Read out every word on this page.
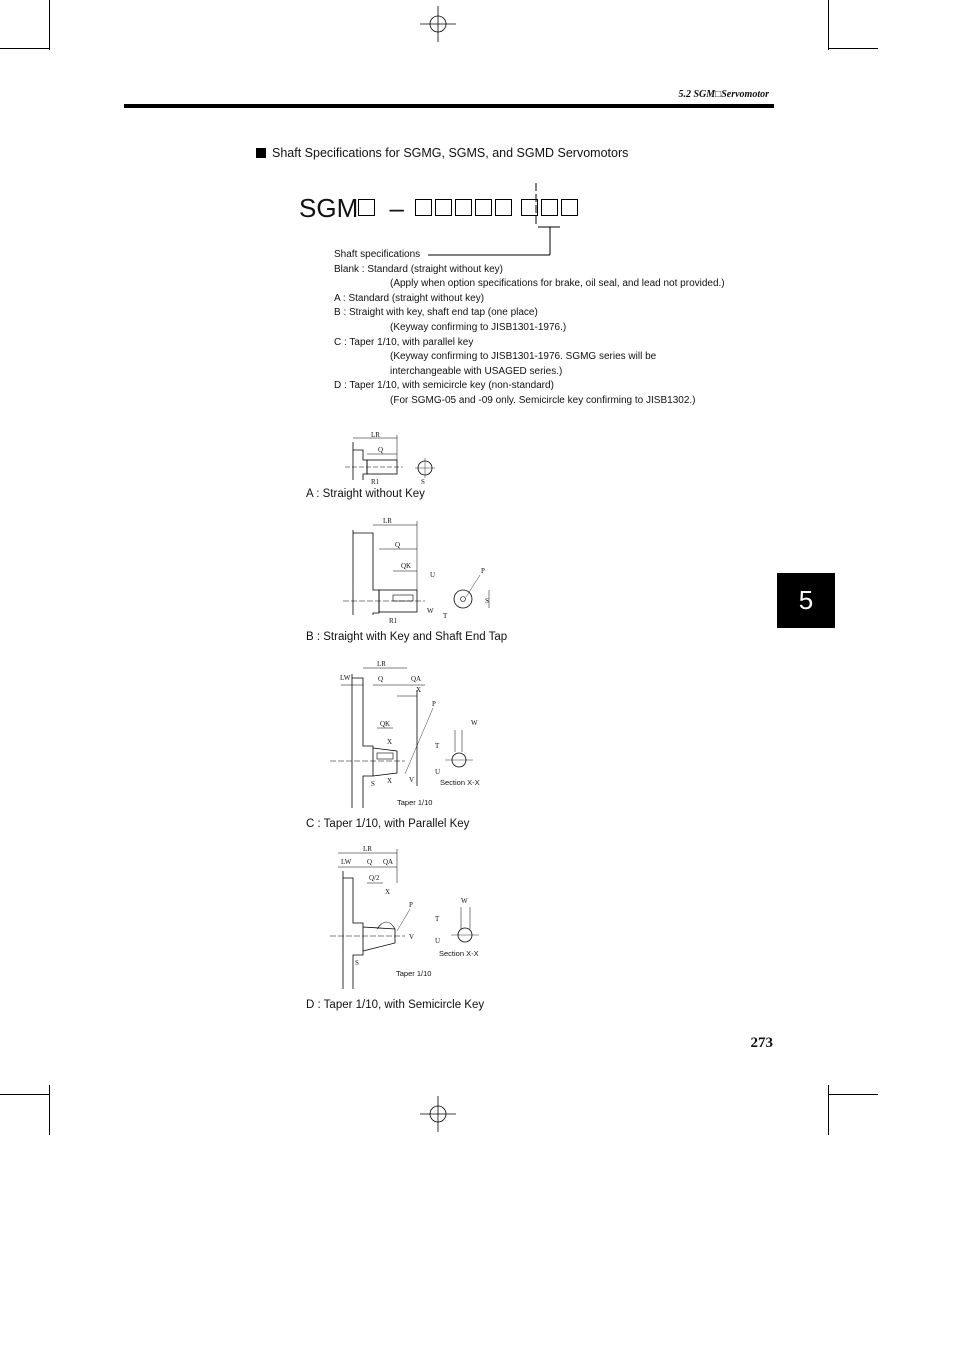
5.2 SGM□Servomotor
Shaft Specifications for SGMG, SGMS, and SGMD Servomotors
SGM –
Shaft specifications
Blank : Standard (straight without key)
(Apply when option specifications for brake, oil seal, and lead not provided.)
A : Standard (straight without key)
B : Straight with key, shaft end tap (one place)
(Keyway confirming to JISB1301-1976.)
C : Taper 1/10, with parallel key
(Keyway confirming to JISB1301-1976. SGMG series will be
interchangeable with USAGED series.)
D : Taper 1/10, with semicircle key (non-standard)
(For SGMG-05 and -09 only. Semicircle key confirming to JISB1302.)
LR
Q
R1	S
A : Straight without Key
LR
Q
QK
U	P
W
T
S
R1
B : Straight with Key and Shaft End Tap
LW
LR
Q	QA
X
QK
X
P
W
T
U
S	V
X	Section X-X
Taper 1/10
C : Taper 1/10, with Parallel Key
LR
LW Q QA
Q/2
X
P	W
T
U
S
V
Section X-X
Taper 1/10
D : Taper 1/10, with Semicircle Key
5
273
